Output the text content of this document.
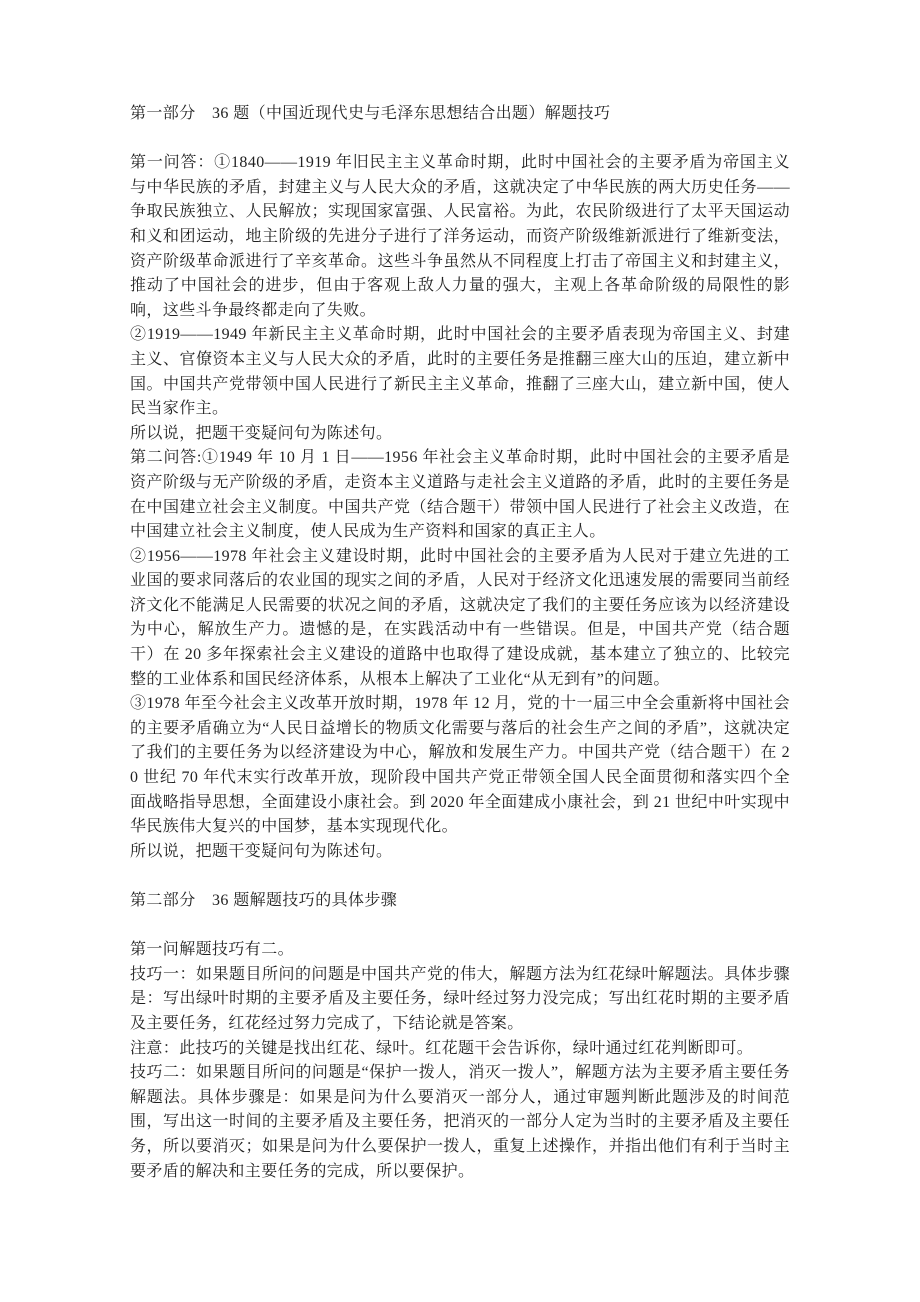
第一部分　36 题（中国近现代史与毛泽东思想结合出题）解题技巧

第一问答：①1840——1919 年旧民主主义革命时期，此时中国社会的主要矛盾为帝国主义与中华民族的矛盾，封建主义与人民大众的矛盾，这就决定了中华民族的两大历史任务——争取民族独立、人民解放；实现国家富强、人民富裕。为此，农民阶级进行了太平天国运动和义和团运动，地主阶级的先进分子进行了洋务运动，而资产阶级维新派进行了维新变法，资产阶级革命派进行了辛亥革命。这些斗争虽然从不同程度上打击了帝国主义和封建主义，推动了中国社会的进步，但由于客观上敌人力量的强大，主观上各革命阶级的局限性的影响，这些斗争最终都走向了失败。

②1919——1949 年新民主主义革命时期，此时中国社会的主要矛盾表现为帝国主义、封建主义、官僚资本主义与人民大众的矛盾，此时的主要任务是推翻三座大山的压迫，建立新中国。中国共产党带领中国人民进行了新民主主义革命，推翻了三座大山，建立新中国，使人民当家作主。

所以说，把题干变疑问句为陈述句。

第二问答:①1949 年 10 月 1 日——1956 年社会主义革命时期，此时中国社会的主要矛盾是资产阶级与无产阶级的矛盾，走资本主义道路与走社会主义道路的矛盾，此时的主要任务是在中国建立社会主义制度。中国共产党（结合题干）带领中国人民进行了社会主义改造，在中国建立社会主义制度，使人民成为生产资料和国家的真正主人。

②1956——1978 年社会主义建设时期，此时中国社会的主要矛盾为人民对于建立先进的工业国的要求同落后的农业国的现实之间的矛盾，人民对于经济文化迅速发展的需要同当前经济文化不能满足人民需要的状况之间的矛盾，这就决定了我们的主要任务应该为以经济建设为中心，解放生产力。遗憾的是，在实践活动中有一些错误。但是，中国共产党（结合题干）在 20 多年探索社会主义建设的道路中也取得了建设成就，基本建立了独立的、比较完整的工业体系和国民经济体系，从根本上解决了工业化“从无到有”的问题。

③1978 年至今社会主义改革开放时期，1978 年 12 月，党的十一届三中全会重新将中国社会的主要矛盾确立为“人民日益增长的物质文化需要与落后的社会生产之间的矛盾”，这就决定了我们的主要任务为以经济建设为中心，解放和发展生产力。中国共产党（结合题干）在 20 世纪 70 年代末实行改革开放，现阶段中国共产党正带领全国人民全面贯彻和落实四个全面战略指导思想，全面建设小康社会。到 2020 年全面建成小康社会，到 21 世纪中叶实现中华民族伟大复兴的中国梦，基本实现现代化。

所以说，把题干变疑问句为陈述句。

第二部分　36 题解题技巧的具体步骤

第一问解题技巧有二。

技巧一：如果题目所问的问题是中国共产党的伟大，解题方法为红花绿叶解题法。具体步骤是：写出绿叶时期的主要矛盾及主要任务，绿叶经过努力没完成；写出红花时期的主要矛盾及主要任务，红花经过努力完成了，下结论就是答案。

注意：此技巧的关键是找出红花、绿叶。红花题干会告诉你，绿叶通过红花判断即可。

技巧二：如果题目所问的问题是“保护一拨人，消灭一拨人”，解题方法为主要矛盾主要任务解题法。具体步骤是：如果是问为什么要消灭一部分人，通过审题判断此题涉及的时间范围，写出这一时间的主要矛盾及主要任务，把消灭的一部分人定为当时的主要矛盾及主要任务，所以要消灭；如果是问为什么要保护一拨人，重复上述操作，并指出他们有利于当时主要矛盾的解决和主要任务的完成，所以要保护。
